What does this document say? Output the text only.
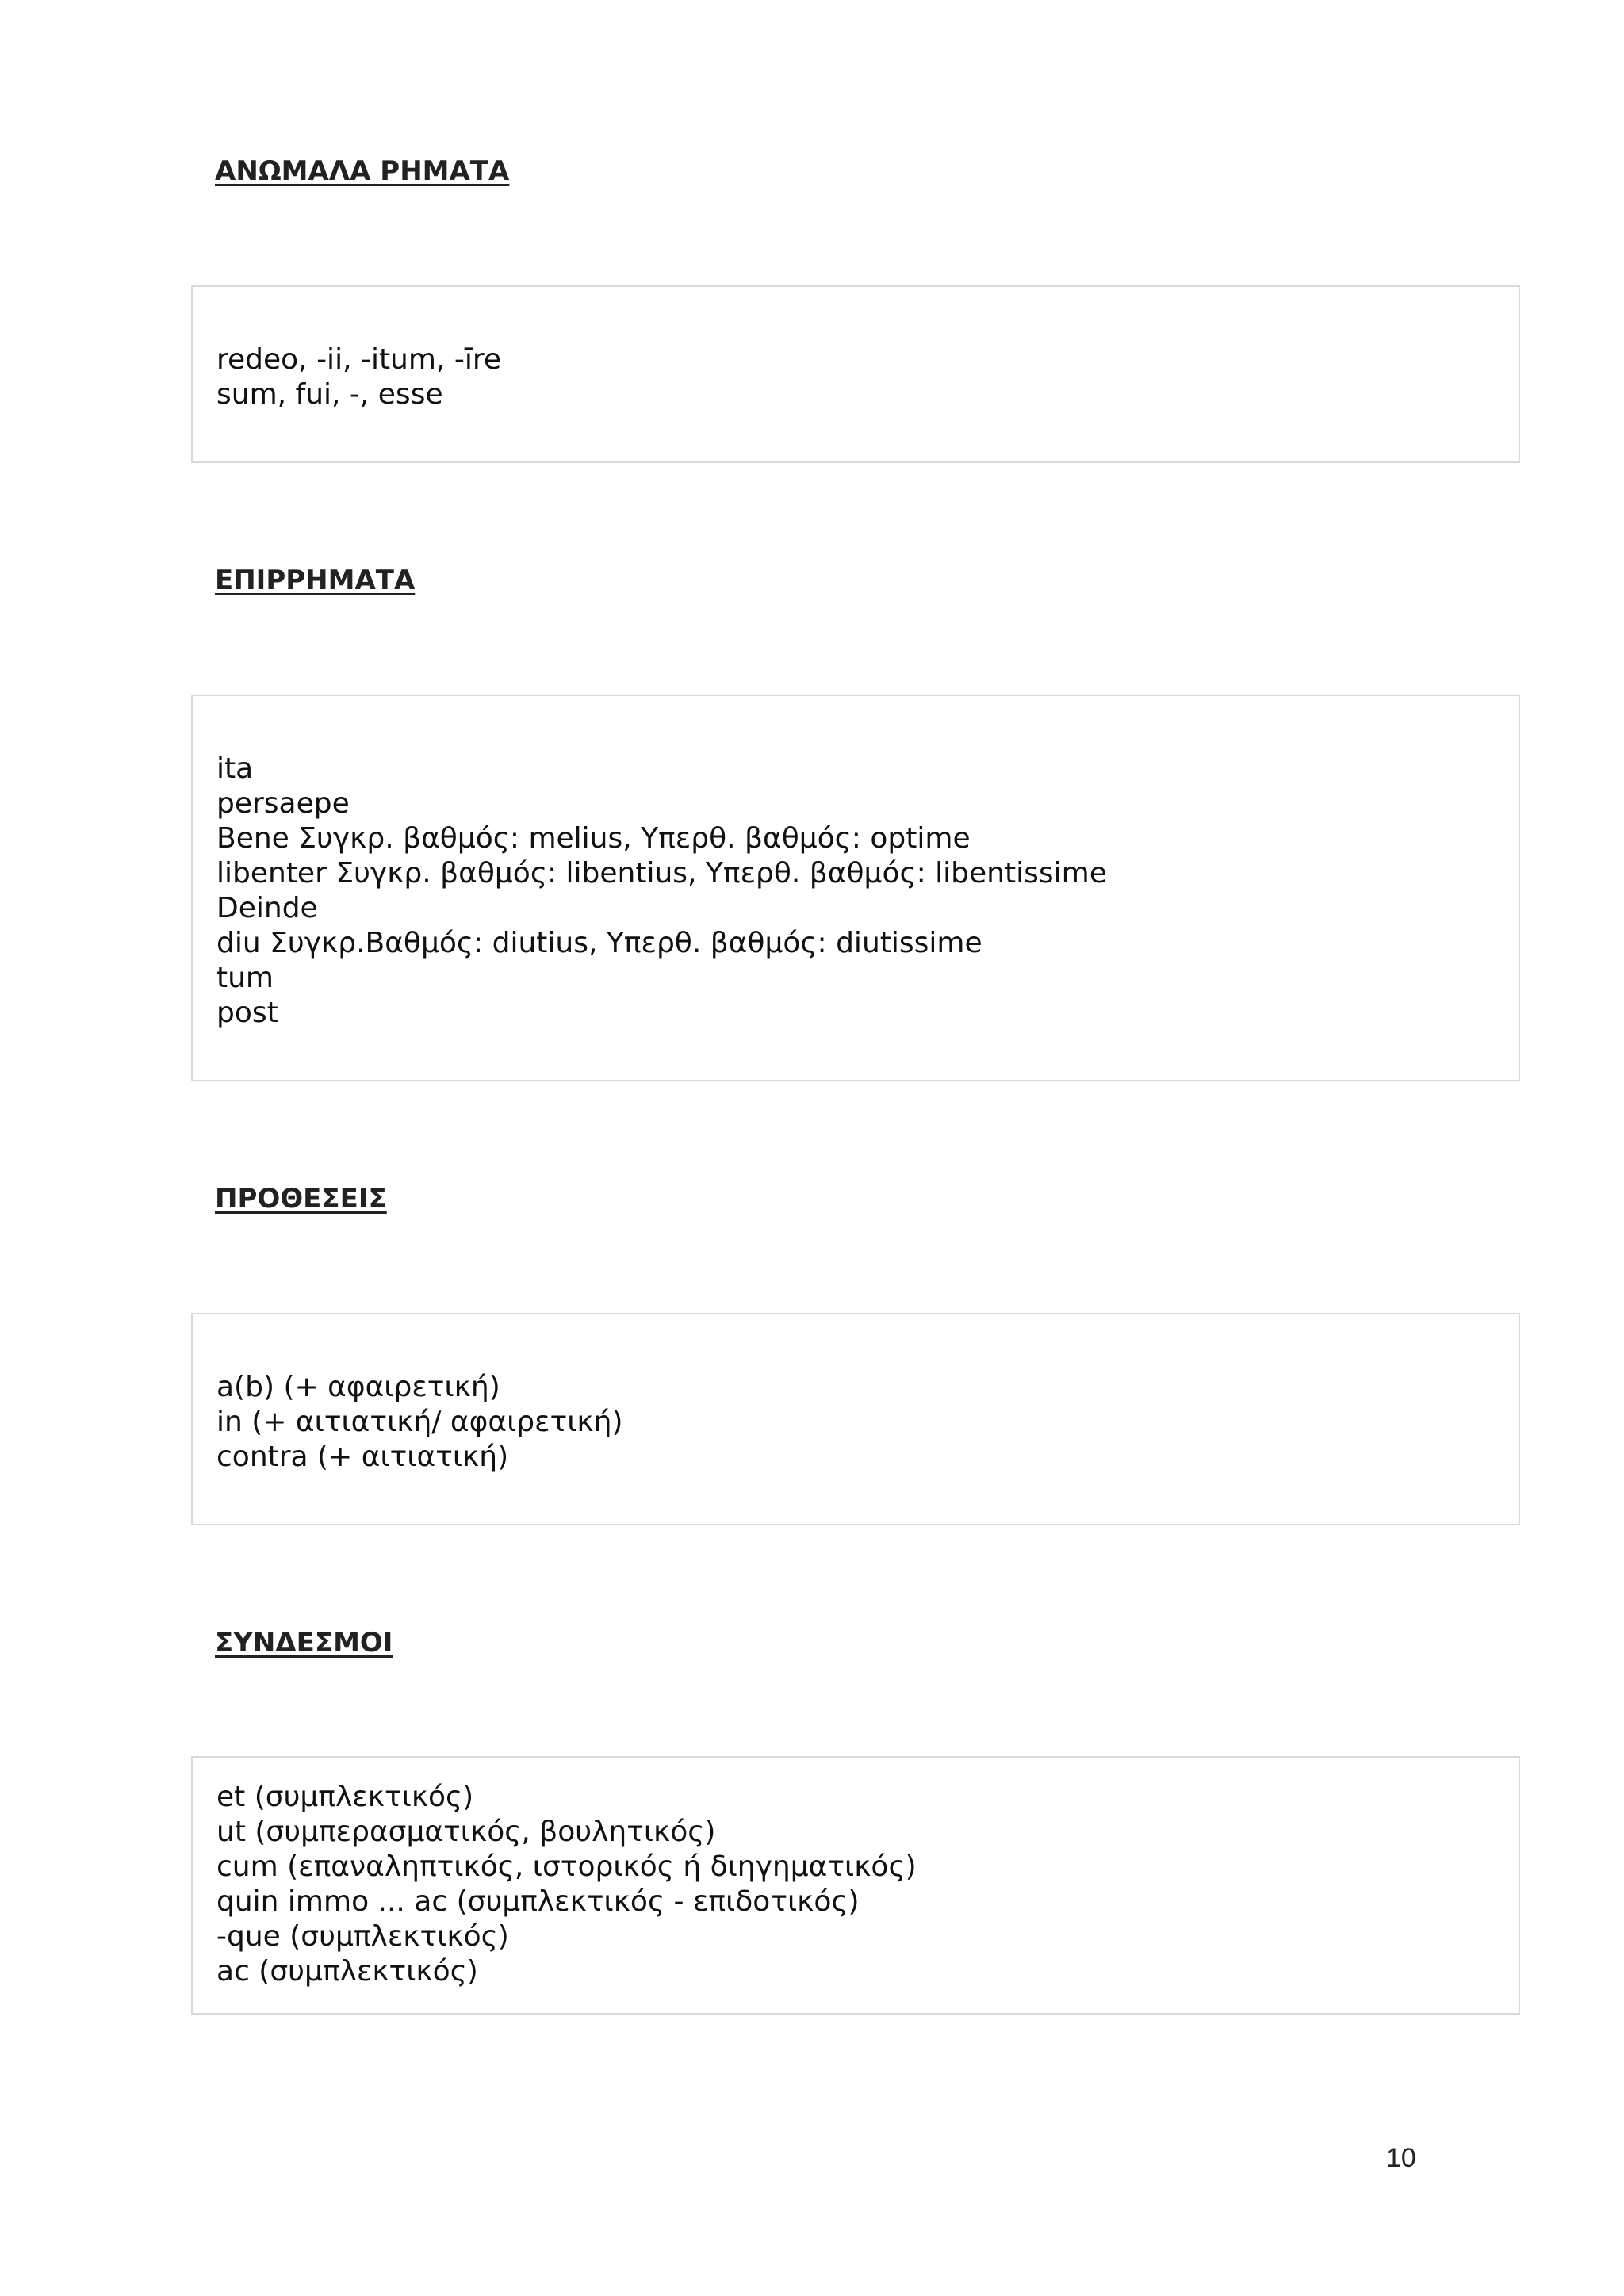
ΑΝΩΜΑΛΑ ΡΗΜΑΤΑ

redeo, -ii, -itum, -īre

sum, fui, -, esse

ΕΠΙΡΡΗΜΑΤΑ

ita

persaepe

Bene Συγκρ. βαθμός: melius, Υπερθ. βαθμός: optime

libenter Συγκρ. βαθμός: libentius, Υπερθ. βαθμός: libentissime

Deinde

diu Συγκρ.Βαθμός: diutius, Υπερθ. βαθμός: diutissime

tum

post

ΠΡΟΘΕΣΕΙΣ

a(b) (+ αφαιρετική)

in (+ αιτιατική/ αφαιρετική)

contra (+ αιτιατική)

ΣΥΝΔΕΣΜΟΙ

et (συμπλεκτικός)

ut (συμπερασματικός, βουλητικός)

cum (επαναληπτικός, ιστορικός ή διηγηματικός)

quin immo ... ac (συμπλεκτικός - επιδοτικός)

-que (συμπλεκτικός)

ac (συμπλεκτικός)

10
